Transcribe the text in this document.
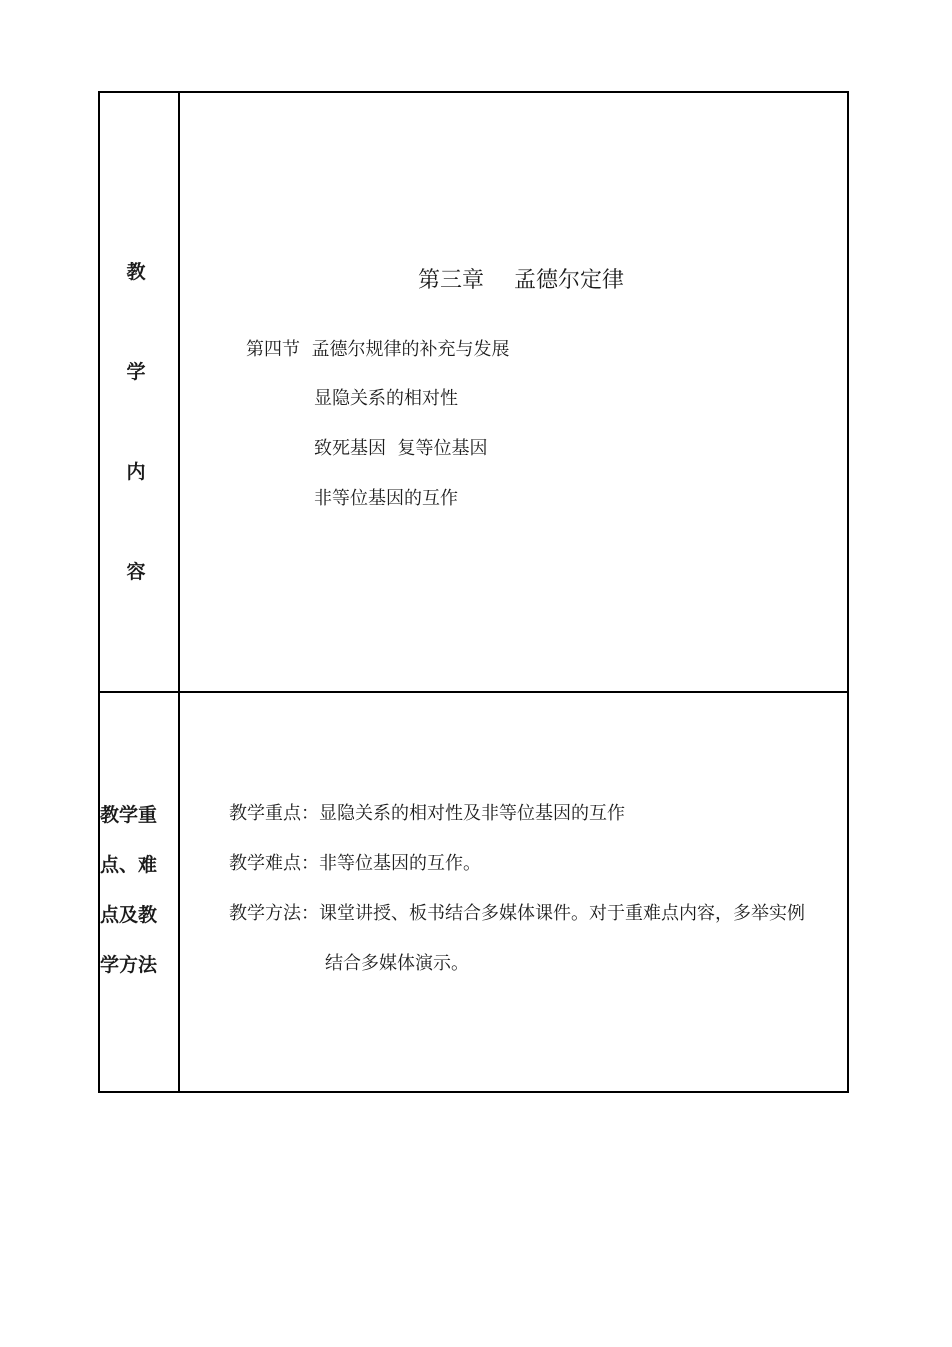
教
学
内
容
第三章 孟德尔定律
第四节 孟德尔规律的补充与发展
显隐关系的相对性
致死基因  复等位基因
非等位基因的互作
教学重
点、难
点及教
学方法
教学重点：显隐关系的相对性及非等位基因的互作
教学难点：非等位基因的互作。
教学方法：课堂讲授、板书结合多媒体课件。对于重难点内容，多举实例
结合多媒体演示。
